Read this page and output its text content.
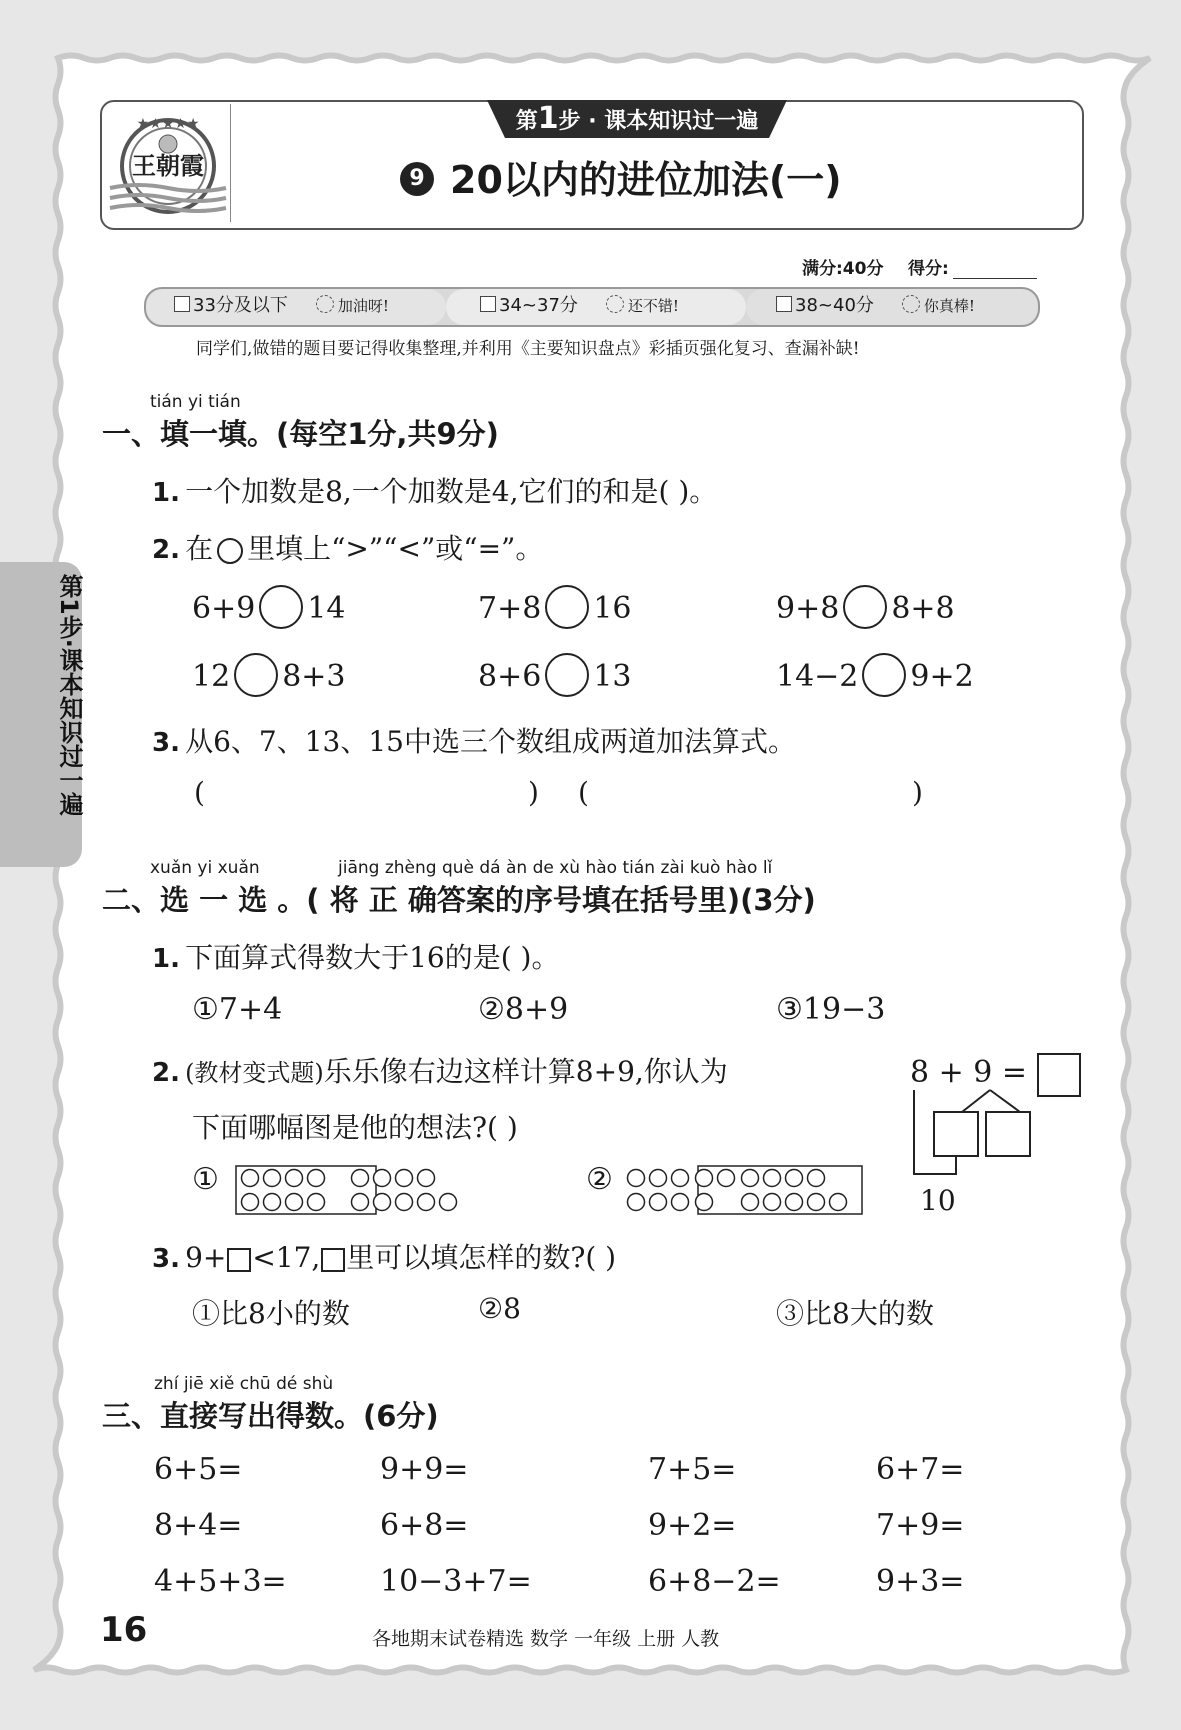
第1步·课本知识过一遍
★★★★★
王朝霞
第1步 · 课本知识过一遍
9 20以内的进位加法(一)
满分:40分 得分:
33分及以下	加油呀!	34~37分	还不错!	38~40分	你真棒!
同学们,做错的题目要记得收集整理,并利用《主要知识盘点》彩插页强化复习、查漏补缺!
tián yi tián
一、填一填。(每空1分,共9分)
1. 一个加数是8,一个加数是4,它们的和是( )。
2. 在 里填上“>”“<”或“=”。
6+9 14	7+8 16	9+8 8+8
12 8+3	8+6 13	14−2 9+2
3. 从6、7、13、15中选三个数组成两道加法算式。
(	) (	)
xuǎn yi xuǎn	jiāng zhèng què dá àn de xù hào tián zài kuò hào lǐ
二、选 一 选 。( 将 正 确答案的序号填在括号里)(3分)
1. 下面算式得数大于16的是( )。
①7+4	②8+9	③19−3
2. (教材变式题)乐乐像右边这样计算8+9,你认为
下面哪幅图是他的想法?( )
8 + 9 =
10
①	②
3. 9+ <17, 里可以填怎样的数?( )
①比8小的数	②8	③比8大的数
zhí jiē xiě chū dé shù
三、直接写出得数。(6分)
6+5=	9+9=	7+5=	6+7=
8+4=	6+8=	9+2=	7+9=
4+5+3=	10−3+7=	6+8−2=	9+3=
16	各地期末试卷精选 数学 一年级 上册 人教
